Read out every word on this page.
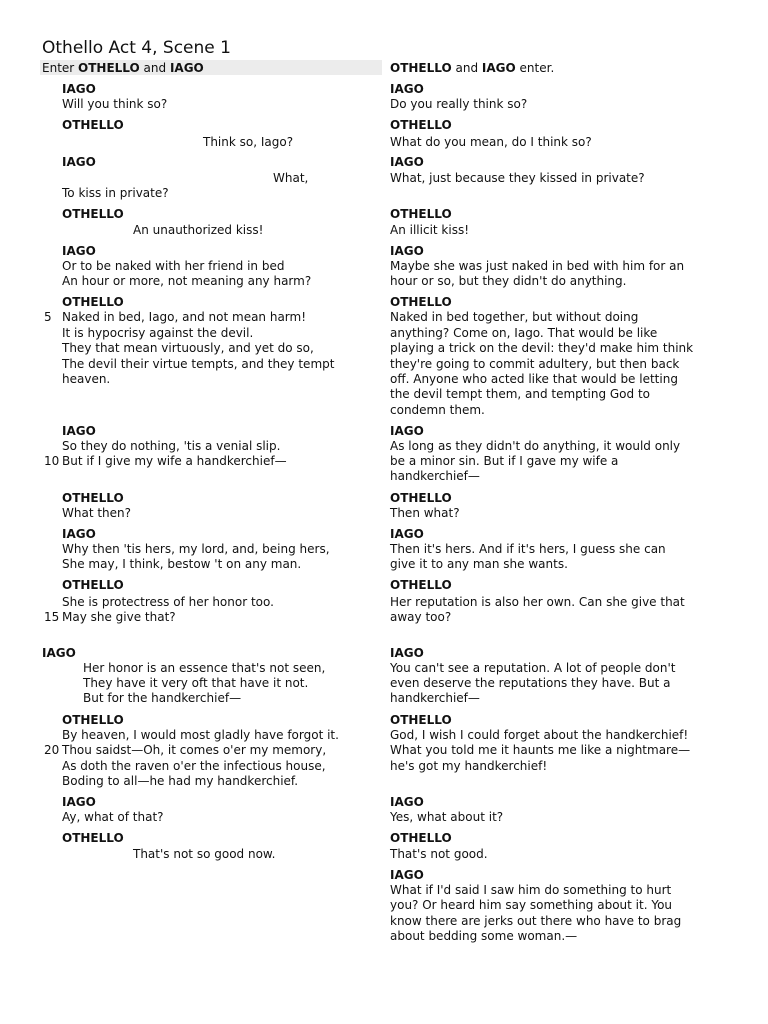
Othello Act 4, Scene 1
Enter OTHELLO and IAGO	OTHELLO and IAGO enter.
IAGO
Will you think so?
OTHELLO
Think so, Iago?
IAGO
What,
To kiss in private?
OTHELLO
An unauthorized kiss!
IAGO
Or to be naked with her friend in bed
An hour or more, not meaning any harm?
OTHELLO
5 Naked in bed, Iago, and not mean harm!
It is hypocrisy against the devil.
They that mean virtuously, and yet do so,
The devil their virtue tempts, and they tempt
heaven.
IAGO
So they do nothing, 'tis a venial slip.
10 But if I give my wife a handkerchief—
OTHELLO
What then?
IAGO
Why then 'tis hers, my lord, and, being hers,
She may, I think, bestow 't on any man.
OTHELLO
She is protectress of her honor too.
15 May she give that?
IAGO
Her honor is an essence that's not seen,
They have it very oft that have it not.
But for the handkerchief—
OTHELLO
By heaven, I would most gladly have forgot it.
20 Thou saidst—Oh, it comes o'er my memory,
As doth the raven o'er the infectious house,
Boding to all—he had my handkerchief.
IAGO
Ay, what of that?
OTHELLO
That's not so good now.
IAGO
Do you really think so?
OTHELLO
What do you mean, do I think so?
IAGO
What, just because they kissed in private?
OTHELLO
An illicit kiss!
IAGO
Maybe she was just naked in bed with him for an
hour or so, but they didn't do anything.
OTHELLO
Naked in bed together, but without doing
anything? Come on, Iago. That would be like
playing a trick on the devil: they'd make him think
they're going to commit adultery, but then back
off. Anyone who acted like that would be letting
the devil tempt them, and tempting God to
condemn them.
IAGO
As long as they didn't do anything, it would only
be a minor sin. But if I gave my wife a
handkerchief—
OTHELLO
Then what?
IAGO
Then it's hers. And if it's hers, I guess she can
give it to any man she wants.
OTHELLO
Her reputation is also her own. Can she give that
away too?
IAGO
You can't see a reputation. A lot of people don't
even deserve the reputations they have. But a
handkerchief—
OTHELLO
God, I wish I could forget about the handkerchief!
What you told me it haunts me like a nightmare—
he's got my handkerchief!
IAGO
Yes, what about it?
OTHELLO
That's not good.
IAGO
What if I'd said I saw him do something to hurt
you? Or heard him say something about it. You
know there are jerks out there who have to brag
about bedding some woman.—
